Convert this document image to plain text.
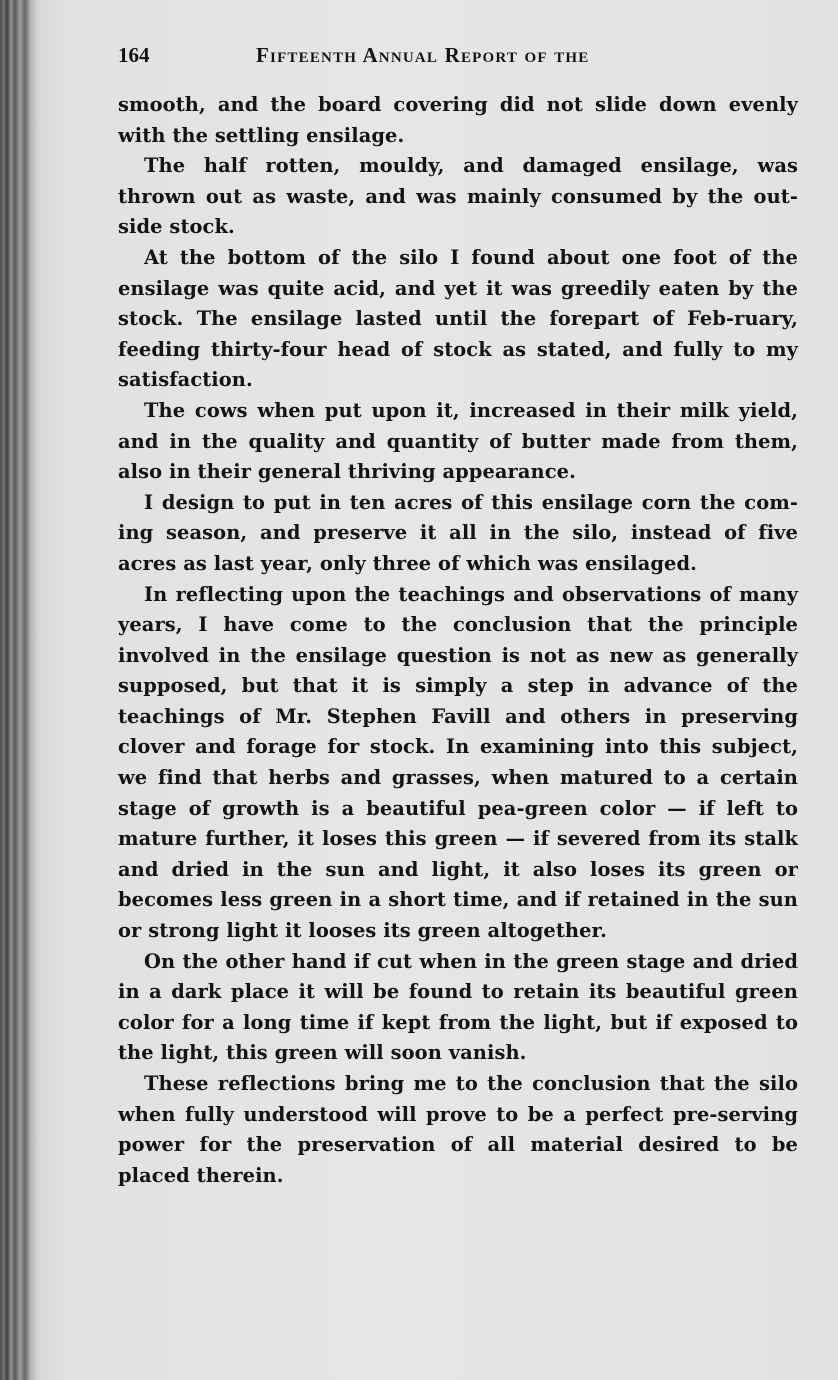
164	Fifteenth Annual Report of the

smooth, and the board covering did not slide down evenly with the settling ensilage.

The half rotten, mouldy, and damaged ensilage, was thrown out as waste, and was mainly consumed by the out-side stock.

At the bottom of the silo I found about one foot of the ensilage was quite acid, and yet it was greedily eaten by the stock. The ensilage lasted until the forepart of Feb-ruary, feeding thirty-four head of stock as stated, and fully to my satisfaction.

The cows when put upon it, increased in their milk yield, and in the quality and quantity of butter made from them, also in their general thriving appearance.

I design to put in ten acres of this ensilage corn the com-ing season, and preserve it all in the silo, instead of five acres as last year, only three of which was ensilaged.

In reflecting upon the teachings and observations of many years, I have come to the conclusion that the principle involved in the ensilage question is not as new as generally supposed, but that it is simply a step in advance of the teachings of Mr. Stephen Favill and others in preserving clover and forage for stock. In examining into this subject, we find that herbs and grasses, when matured to a certain stage of growth is a beautiful pea-green color — if left to mature further, it loses this green — if severed from its stalk and dried in the sun and light, it also loses its green or becomes less green in a short time, and if retained in the sun or strong light it looses its green altogether.

On the other hand if cut when in the green stage and dried in a dark place it will be found to retain its beautiful green color for a long time if kept from the light, but if exposed to the light, this green will soon vanish.

These reflections bring me to the conclusion that the silo when fully understood will prove to be a perfect pre-serving power for the preservation of all material desired to be placed therein.
